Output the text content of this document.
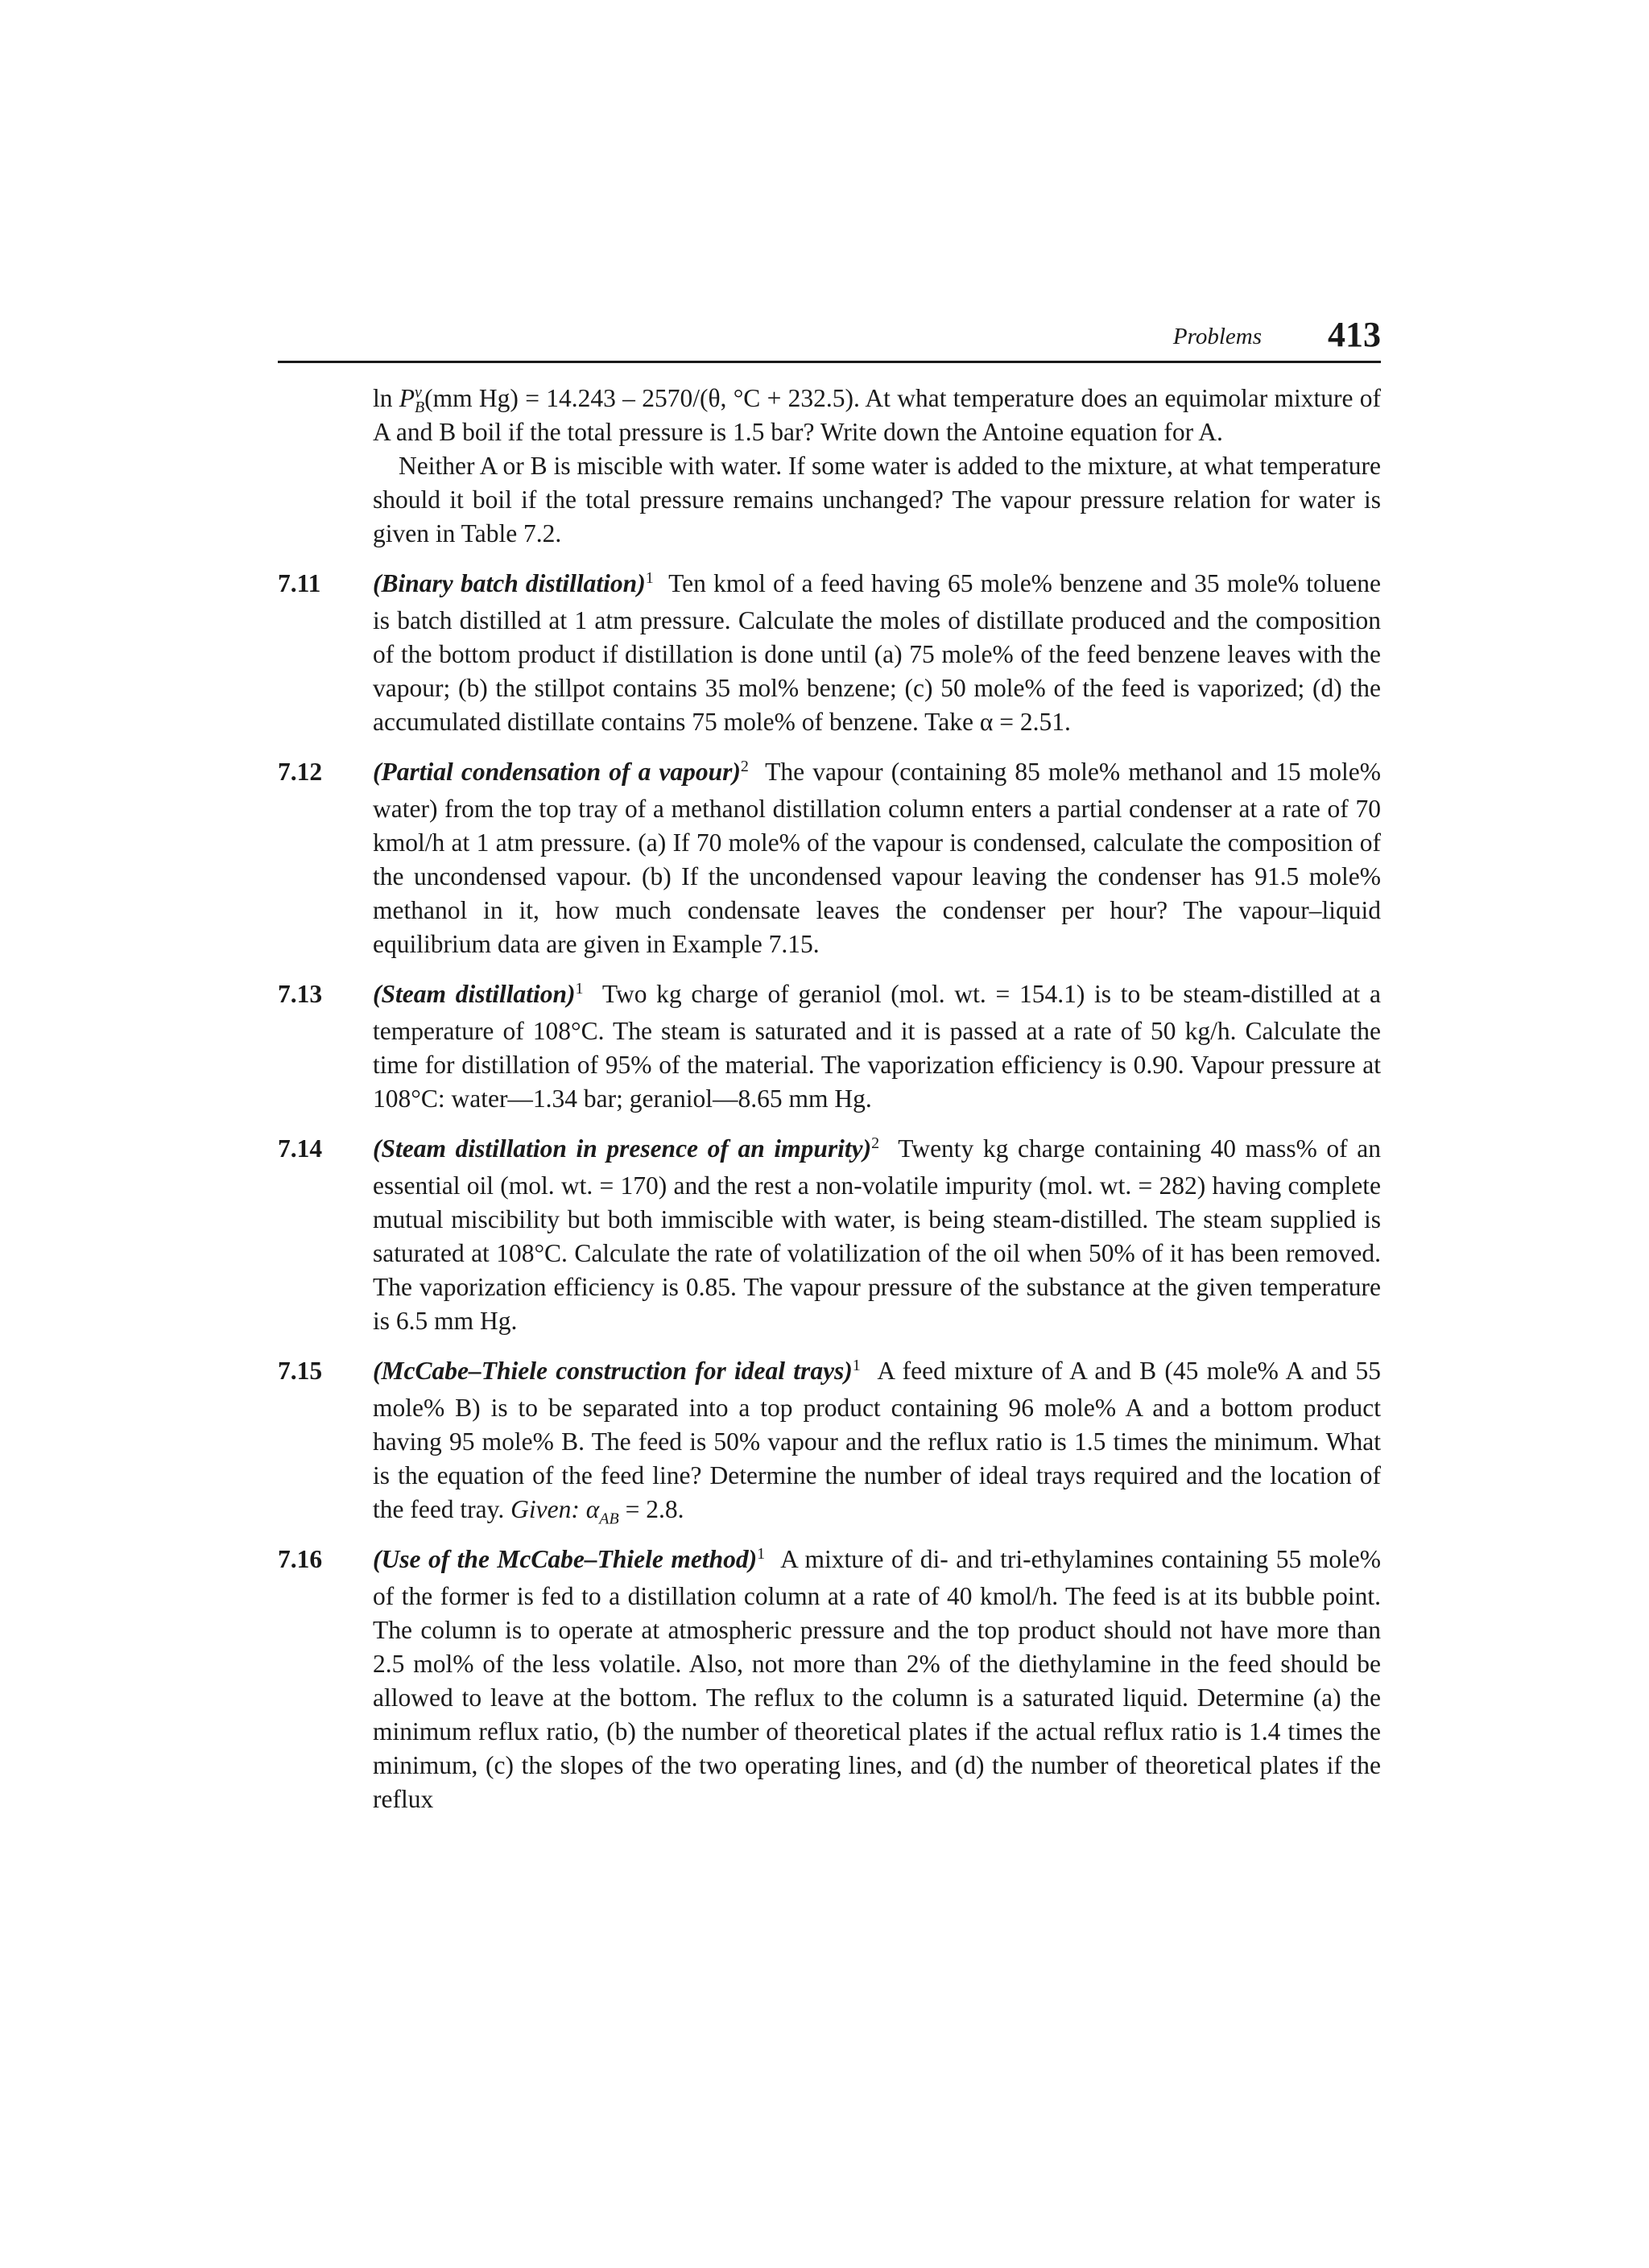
Problems 413

$\ln P^v_B(mm$ Hg) = 14.243 – 2570/(θ, °C + 232.5). At what temperature does an equimolar mixture of A and B boil if the total pressure is 1.5 bar? Write down the Antoine equation for A.

Neither A or B is miscible with water. If some water is added to the mixture, at what temperature should it boil if the total pressure remains unchanged? The vapour pressure relation for water is given in Table 7.2.

7.11 (Binary batch distillation)$^1$ Ten kmol of a feed having 65 mole% benzene and 35 mole% toluene is batch distilled at 1 atm pressure. Calculate the moles of distillate produced and the composition of the bottom product if distillation is done until (a) 75 mole% of the feed benzene leaves with the vapour; (b) the stillpot contains 35 mol% benzene; (c) 50 mole% of the feed is vaporized; (d) the accumulated distillate contains 75 mole% of benzene. Take α = 2.51.
7.12 (Partial condensation of a vapour)$^2$ The vapour (containing 85 mole% methanol and 15 mole% water) from the top tray of a methanol distillation column enters a partial condenser at a rate of 70 kmol/h at 1 atm pressure. (a) If 70 mole% of the vapour is condensed, calculate the composition of the uncondensed vapour. (b) If the uncondensed vapour leaving the condenser has 91.5 mole% methanol in it, how much condensate leaves the condenser per hour? The vapour–liquid equilibrium data are given in Example 7.15.
7.13 (Steam distillation)$^1$ Two kg charge of geraniol (mol. wt. = 154.1) is to be steam-distilled at a temperature of 108°C. The steam is saturated and it is passed at a rate of 50 kg/h. Calculate the time for distillation of 95% of the material. The vaporization efficiency is 0.90. Vapour pressure at 108°C: water—1.34 bar; geraniol—8.65 mm Hg.
7.14 (Steam distillation in presence of an impurity)$^2$ Twenty kg charge containing 40 mass% of an essential oil (mol. wt. = 170) and the rest a non-volatile impurity (mol. wt. = 282) having complete mutual miscibility but both immiscible with water, is being steam-distilled. The steam supplied is saturated at 108°C. Calculate the rate of volatilization of the oil when 50% of it has been removed. The vaporization efficiency is 0.85. The vapour pressure of the substance at the given temperature is 6.5 mm Hg.
7.15 (McCabe–Thiele construction for ideal trays)$^1$ A feed mixture of A and B (45 mole% A and 55 mole% B) is to be separated into a top product containing 96 mole% A and a bottom product having 95 mole% B. The feed is 50% vapour and the reflux ratio is 1.5 times the minimum. What is the equation of the feed line? Determine the number of ideal trays required and the location of the feed tray. Given: $\alpha_{AB} = 2.8$.
7.16 (Use of the McCabe–Thiele method)$^1$ A mixture of di- and tri-ethylamines containing 55 mole% of the former is fed to a distillation column at a rate of 40 kmol/h. The feed is at its bubble point. The column is to operate at atmospheric pressure and the top product should not have more than 2.5 mol% of the less volatile. Also, not more than 2% of the diethylamine in the feed should be allowed to leave at the bottom. The reflux to the column is a saturated liquid. Determine (a) the minimum reflux ratio, (b) the number of theoretical plates if the actual reflux ratio is 1.4 times the minimum, (c) the slopes of the two operating lines, and (d) the number of theoretical plates if the reflux
